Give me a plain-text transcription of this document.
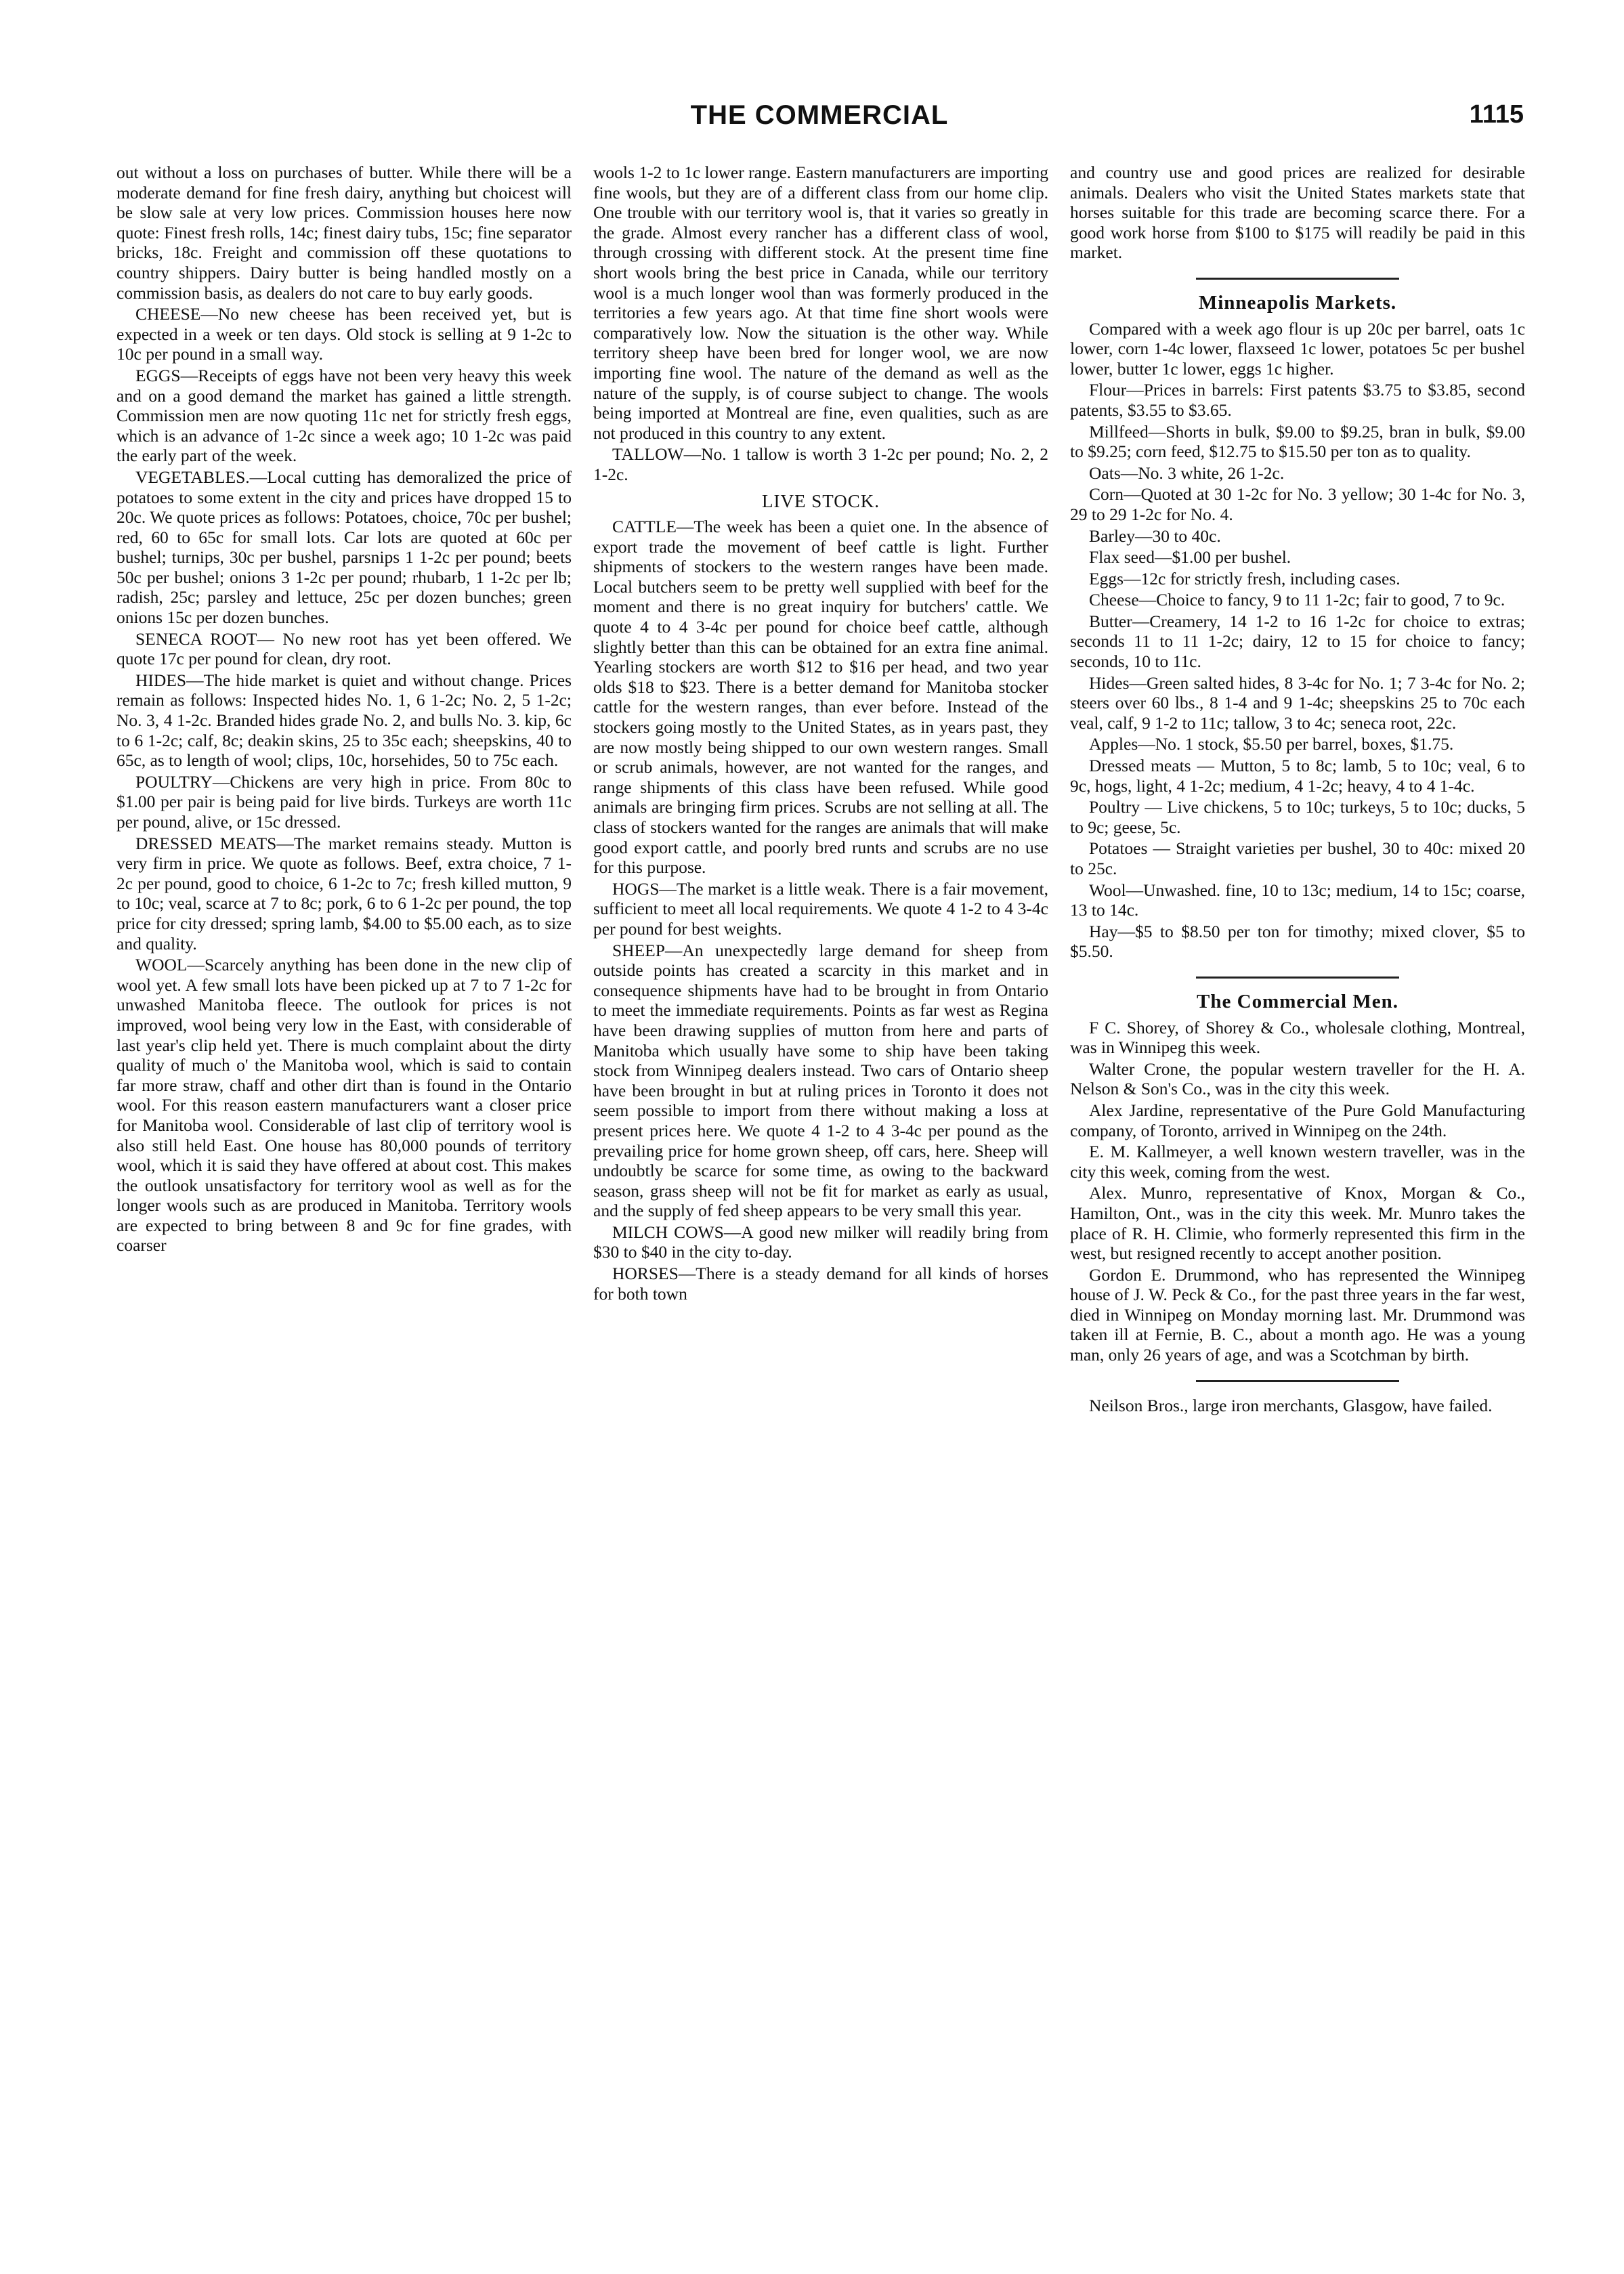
THE COMMERCIAL	1115

out without a loss on purchases of butter. While there will be a moderate demand for fine fresh dairy, anything but choicest will be slow sale at very low prices. Commission houses here now quote: Finest fresh rolls, 14c; finest dairy tubs, 15c; fine separator bricks, 18c. Freight and commission off these quotations to country shippers. Dairy butter is being handled mostly on a commission basis, as dealers do not care to buy early goods.

CHEESE—No new cheese has been received yet, but is expected in a week or ten days. Old stock is selling at 9 1-2c to 10c per pound in a small way.

EGGS—Receipts of eggs have not been very heavy this week and on a good demand the market has gained a little strength. Commission men are now quoting 11c net for strictly fresh eggs, which is an advance of 1-2c since a week ago; 10 1-2c was paid the early part of the week.

VEGETABLES.—Local cutting has demoralized the price of potatoes to some extent in the city and prices have dropped 15 to 20c. We quote prices as follows: Potatoes, choice, 70c per bushel; red, 60 to 65c for small lots. Car lots are quoted at 60c per bushel; turnips, 30c per bushel, parsnips 1 1-2c per pound; beets 50c per bushel; onions 3 1-2c per pound; rhubarb, 1 1-2c per lb; radish, 25c; parsley and lettuce, 25c per dozen bunches; green onions 15c per dozen bunches.

SENECA ROOT— No new root has yet been offered. We quote 17c per pound for clean, dry root.

HIDES—The hide market is quiet and without change. Prices remain as follows: Inspected hides No. 1, 6 1-2c; No. 2, 5 1-2c; No. 3, 4 1-2c. Branded hides grade No. 2, and bulls No. 3. kip, 6c to 6 1-2c; calf, 8c; deakin skins, 25 to 35c each; sheepskins, 40 to 65c, as to length of wool; clips, 10c, horsehides, 50 to 75c each.

POULTRY—Chickens are very high in price. From 80c to $1.00 per pair is being paid for live birds. Turkeys are worth 11c per pound, alive, or 15c dressed.

DRESSED MEATS—The market remains steady. Mutton is very firm in price. We quote as follows. Beef, extra choice, 7 1-2c per pound, good to choice, 6 1-2c to 7c; fresh killed mutton, 9 to 10c; veal, scarce at 7 to 8c; pork, 6 to 6 1-2c per pound, the top price for city dressed; spring lamb, $4.00 to $5.00 each, as to size and quality.

WOOL—Scarcely anything has been done in the new clip of wool yet. A few small lots have been picked up at 7 to 7 1-2c for unwashed Manitoba fleece. The outlook for prices is not improved, wool being very low in the East, with considerable of last year's clip held yet. There is much complaint about the dirty quality of much o' the Manitoba wool, which is said to contain far more straw, chaff and other dirt than is found in the Ontario wool. For this reason eastern manufacturers want a closer price for Manitoba wool. Considerable of last clip of territory wool is also still held East. One house has 80,000 pounds of territory wool, which it is said they have offered at about cost. This makes the outlook unsatisfactory for territory wool as well as for the longer wools such as are produced in Manitoba. Territory wools are expected to bring between 8 and 9c for fine grades, with coarser

wools 1-2 to 1c lower range. Eastern manufacturers are importing fine wools, but they are of a different class from our home clip. One trouble with our territory wool is, that it varies so greatly in the grade. Almost every rancher has a different class of wool, through crossing with different stock. At the present time fine short wools bring the best price in Canada, while our territory wool is a much longer wool than was formerly produced in the territories a few years ago. At that time fine short wools were comparatively low. Now the situation is the other way. While territory sheep have been bred for longer wool, we are now importing fine wool. The nature of the demand as well as the nature of the supply, is of course subject to change. The wools being imported at Montreal are fine, even qualities, such as are not produced in this country to any extent.

TALLOW—No. 1 tallow is worth 3 1-2c per pound; No. 2, 2 1-2c.

LIVE STOCK.

CATTLE—The week has been a quiet one. In the absence of export trade the movement of beef cattle is light. Further shipments of stockers to the western ranges have been made. Local butchers seem to be pretty well supplied with beef for the moment and there is no great inquiry for butchers' cattle. We quote 4 to 4 3-4c per pound for choice beef cattle, although slightly better than this can be obtained for an extra fine animal. Yearling stockers are worth $12 to $16 per head, and two year olds $18 to $23. There is a better demand for Manitoba stocker cattle for the western ranges, than ever before. Instead of the stockers going mostly to the United States, as in years past, they are now mostly being shipped to our own western ranges. Small or scrub animals, however, are not wanted for the ranges, and range shipments of this class have been refused. While good animals are bringing firm prices. Scrubs are not selling at all. The class of stockers wanted for the ranges are animals that will make good export cattle, and poorly bred runts and scrubs are no use for this purpose.

HOGS—The market is a little weak. There is a fair movement, sufficient to meet all local requirements. We quote 4 1-2 to 4 3-4c per pound for best weights.

SHEEP—An unexpectedly large demand for sheep from outside points has created a scarcity in this market and in consequence shipments have had to be brought in from Ontario to meet the immediate requirements. Points as far west as Regina have been drawing supplies of mutton from here and parts of Manitoba which usually have some to ship have been taking stock from Winnipeg dealers instead. Two cars of Ontario sheep have been brought in but at ruling prices in Toronto it does not seem possible to import from there without making a loss at present prices here. We quote 4 1-2 to 4 3-4c per pound as the prevailing price for home grown sheep, off cars, here. Sheep will undoubtly be scarce for some time, as owing to the backward season, grass sheep will not be fit for market as early as usual, and the supply of fed sheep appears to be very small this year.

MILCH COWS—A good new milker will readily bring from $30 to $40 in the city to-day.

HORSES—There is a steady demand for all kinds of horses for both town

and country use and good prices are realized for desirable animals. Dealers who visit the United States markets state that horses suitable for this trade are becoming scarce there. For a good work horse from $100 to $175 will readily be paid in this market.

Minneapolis Markets.

Compared with a week ago flour is up 20c per barrel, oats 1c lower, corn 1-4c lower, flaxseed 1c lower, potatoes 5c per bushel lower, butter 1c lower, eggs 1c higher.

Flour—Prices in barrels: First patents $3.75 to $3.85, second patents, $3.55 to $3.65.

Millfeed—Shorts in bulk, $9.00 to $9.25, bran in bulk, $9.00 to $9.25; corn feed, $12.75 to $15.50 per ton as to quality.

Oats—No. 3 white, 26 1-2c.

Corn—Quoted at 30 1-2c for No. 3 yellow; 30 1-4c for No. 3, 29 to 29 1-2c for No. 4.

Barley—30 to 40c.

Flax seed—$1.00 per bushel.

Eggs—12c for strictly fresh, including cases.

Cheese—Choice to fancy, 9 to 11 1-2c; fair to good, 7 to 9c.

Butter—Creamery, 14 1-2 to 16 1-2c for choice to extras; seconds 11 to 11 1-2c; dairy, 12 to 15 for choice to fancy; seconds, 10 to 11c.

Hides—Green salted hides, 8 3-4c for No. 1; 7 3-4c for No. 2; steers over 60 lbs., 8 1-4 and 9 1-4c; sheepskins 25 to 70c each veal, calf, 9 1-2 to 11c; tallow, 3 to 4c; seneca root, 22c.

Apples—No. 1 stock, $5.50 per barrel, boxes, $1.75.

Dressed meats — Mutton, 5 to 8c; lamb, 5 to 10c; veal, 6 to 9c, hogs, light, 4 1-2c; medium, 4 1-2c; heavy, 4 to 4 1-4c.

Poultry — Live chickens, 5 to 10c; turkeys, 5 to 10c; ducks, 5 to 9c; geese, 5c.

Potatoes — Straight varieties per bushel, 30 to 40c: mixed 20 to 25c.

Wool—Unwashed. fine, 10 to 13c; medium, 14 to 15c; coarse, 13 to 14c.

Hay—$5 to $8.50 per ton for timothy; mixed clover, $5 to $5.50.

The Commercial Men.

F C. Shorey, of Shorey & Co., wholesale clothing, Montreal, was in Winnipeg this week.

Walter Crone, the popular western traveller for the H. A. Nelson & Son's Co., was in the city this week.

Alex Jardine, representative of the Pure Gold Manufacturing company, of Toronto, arrived in Winnipeg on the 24th.

E. M. Kallmeyer, a well known western traveller, was in the city this week, coming from the west.

Alex. Munro, representative of Knox, Morgan & Co., Hamilton, Ont., was in the city this week. Mr. Munro takes the place of R. H. Climie, who formerly represented this firm in the west, but resigned recently to accept another position.

Gordon E. Drummond, who has represented the Winnipeg house of J. W. Peck & Co., for the past three years in the far west, died in Winnipeg on Monday morning last. Mr. Drummond was taken ill at Fernie, B. C., about a month ago. He was a young man, only 26 years of age, and was a Scotchman by birth.

Neilson Bros., large iron merchants, Glasgow, have failed.
